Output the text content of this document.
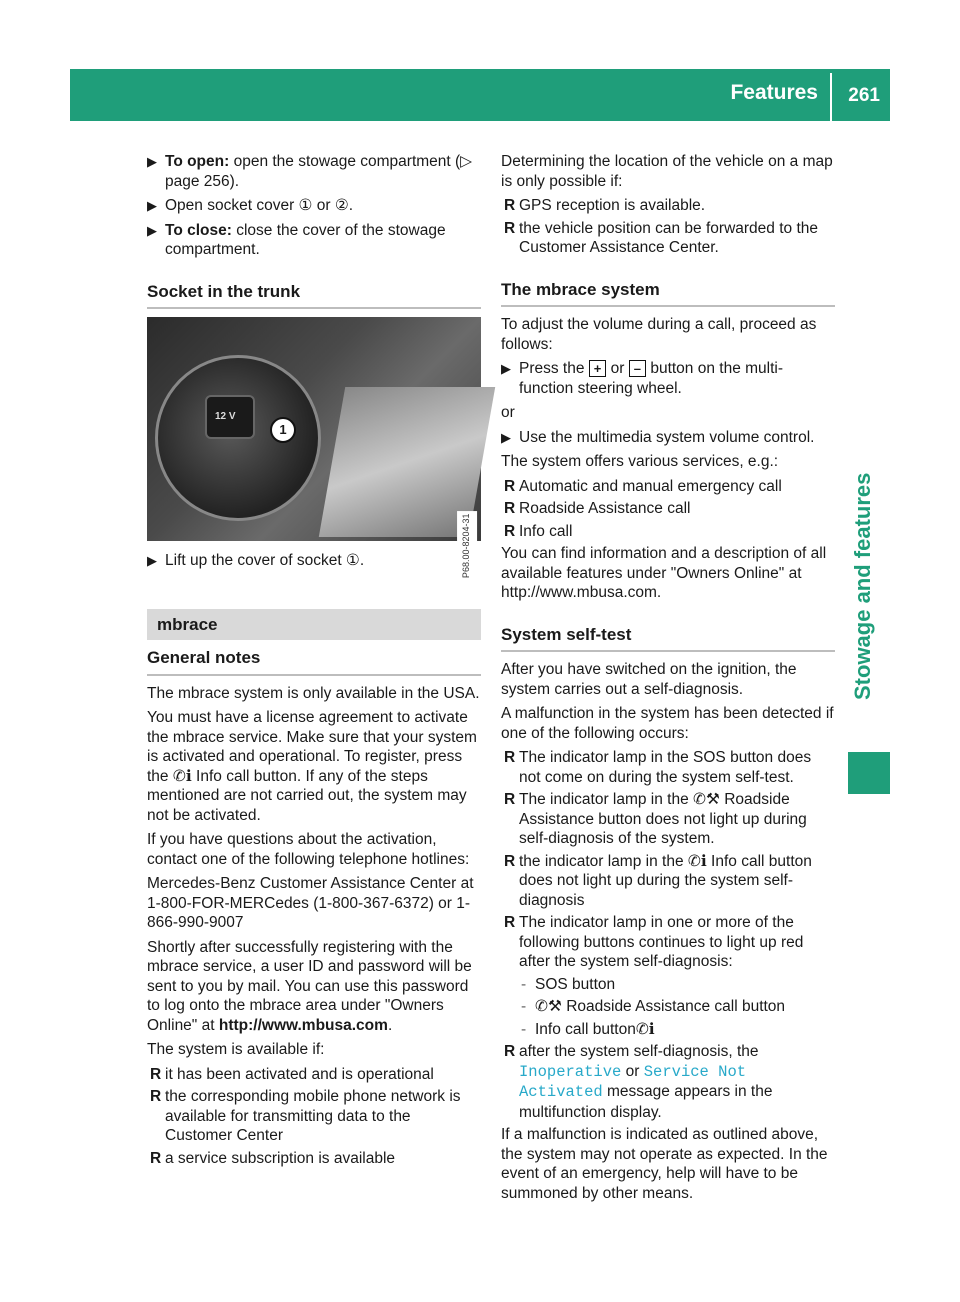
Features 261
Stowage and features
▶ To open: open the stowage compartment (▷ page 256).
▶ Open socket cover ① or ②.
▶ To close: close the cover of the stowage compartment.
Socket in the trunk
12 V
1
P68.00-8204-31
▶ Lift up the cover of socket ①.
mbrace
General notes

The mbrace system is only available in the USA.

You must have a license agreement to activate the mbrace service. Make sure that your system is activated and operational. To register, press the ✆ℹ Info call button. If any of the steps mentioned are not carried out, the system may not be activated.

If you have questions about the activation, contact one of the following telephone hotlines:

Mercedes-Benz Customer Assistance Center at 1-800-FOR-MERCedes (1-800-367-6372) or 1-866-990-9007

Shortly after successfully registering with the mbrace service, a user ID and password will be sent to you by mail. You can use this password to log onto the mbrace area under "Owners Online" at http://www.mbusa.com.

The system is available if:

R it has been activated and is operational
R the corresponding mobile phone network is available for transmitting data to the Customer Center
R a service subscription is available

Determining the location of the vehicle on a map is only possible if:

R GPS reception is available.
R the vehicle position can be forwarded to the Customer Assistance Center.
The mbrace system

To adjust the volume during a call, proceed as follows:

▶ Press the + or – button on the multi-function steering wheel.

or

▶ Use the multimedia system volume control.

The system offers various services, e.g.:

R Automatic and manual emergency call
R Roadside Assistance call
R Info call

You can find information and a description of all available features under "Owners Online" at http://www.mbusa.com.

System self-test

After you have switched on the ignition, the system carries out a self-diagnosis.

A malfunction in the system has been detected if one of the following occurs:

R The indicator lamp in the SOS button does not come on during the system self-test.
R The indicator lamp in the ✆⚒ Roadside Assistance button does not light up during self-diagnosis of the system.
R the indicator lamp in the ✆ℹ Info call button does not light up during the system self-diagnosis
R The indicator lamp in one or more of the following buttons continues to light up red after the system self-diagnosis:
- SOS button
- ✆⚒ Roadside Assistance call button
- Info call button✆ℹ
R after the system self-diagnosis, the Inoperative or Service Not Activated message appears in the multifunction display.

If a malfunction is indicated as outlined above, the system may not operate as expected. In the event of an emergency, help will have to be summoned by other means.
